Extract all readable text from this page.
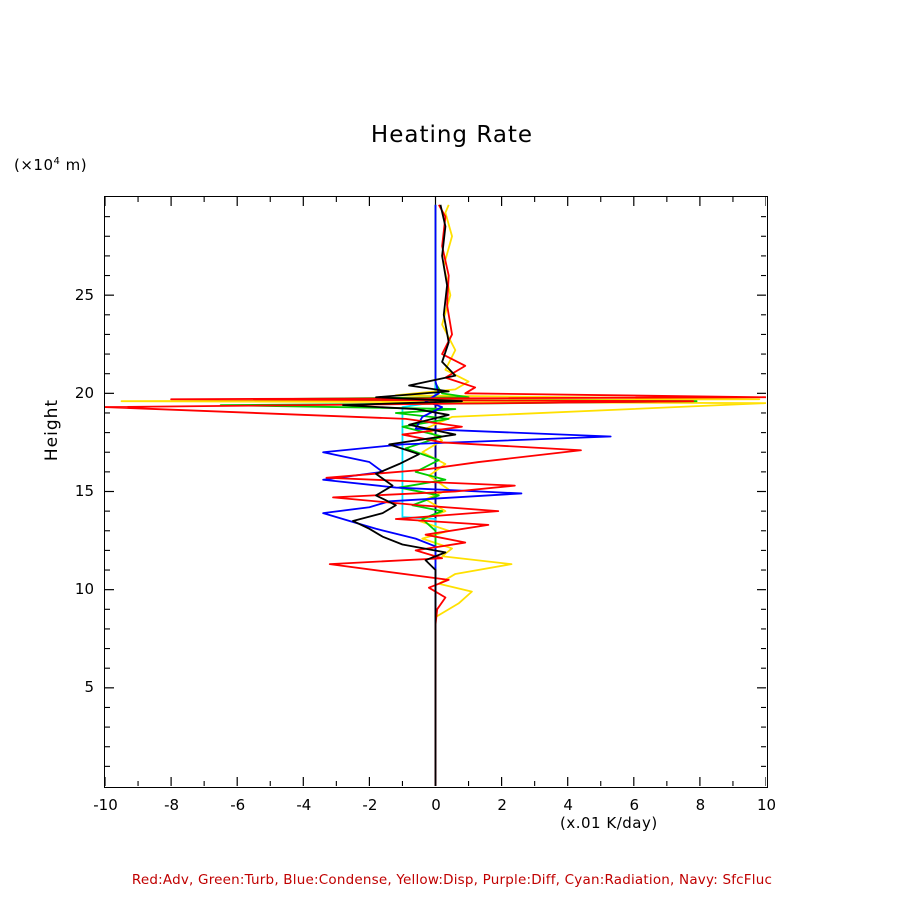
Heating Rate
($\times 10^4$ m)
Height
-10	-8	-6	-4	-2	0	2	4	6	8	10
5
10
15
20
25
(x.01 K/day)
Red:Adv, Green:Turb, Blue:Condense, Yellow:Disp, Purple:Diff, Cyan:Radiation, Navy: SfcFluc
